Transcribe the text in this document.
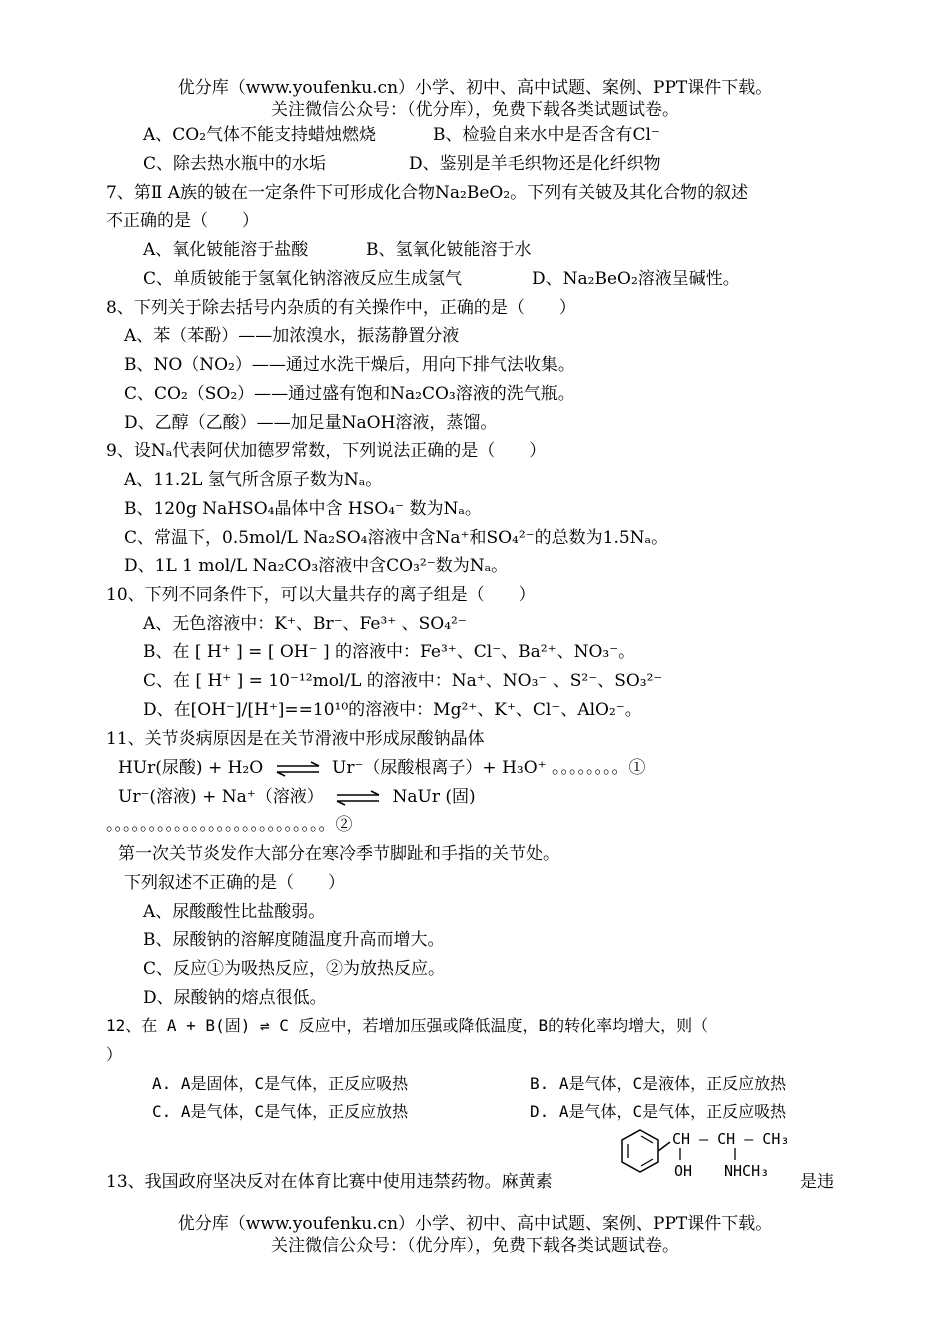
优分库（www.youfenku.cn）小学、初中、高中试题、案例、PPT课件下载。
关注微信公众号：（优分库），免费下载各类试题试卷。
A、CO₂气体不能支持蜡烛燃烧	B、检验自来水中是否含有Cl⁻
C、除去热水瓶中的水垢	D、鉴别是羊毛织物还是化纤织物
7、第Ⅱ A族的铍在一定条件下可形成化合物Na₂BeO₂。下列有关铍及其化合物的叙述
不正确的是（　　）
A、氧化铍能溶于盐酸	B、氢氧化铍能溶于水
C、单质铍能于氢氧化钠溶液反应生成氢气	D、Na₂BeO₂溶液呈碱性。
8、下列关于除去括号内杂质的有关操作中，正确的是（　　）
A、苯（苯酚）——加浓溴水，振荡静置分液
B、NO（NO₂）——通过水洗干燥后，用向下排气法收集。
C、CO₂（SO₂）——通过盛有饱和Na₂CO₃溶液的洗气瓶。
D、乙醇（乙酸）——加足量NaOH溶液，蒸馏。
9、设Nₐ代表阿伏加德罗常数，下列说法正确的是（　　）
A、11.2L 氢气所含原子数为Nₐ。
B、120g NaHSO₄晶体中含 HSO₄⁻ 数为Nₐ。
C、常温下，0.5mol/L Na₂SO₄溶液中含Na⁺和SO₄²⁻的总数为1.5Nₐ。
D、1L 1 mol/L Na₂CO₃溶液中含CO₃²⁻数为Nₐ。
10、下列不同条件下，可以大量共存的离子组是（　　）
A、无色溶液中：K⁺、Br⁻、Fe³⁺ 、SO₄²⁻
B、在 [ H⁺ ] = [ OH⁻ ] 的溶液中：Fe³⁺、Cl⁻、Ba²⁺、NO₃⁻。
C、在 [ H⁺ ] = 10⁻¹²mol/L 的溶液中：Na⁺、NO₃⁻ 、S²⁻、SO₃²⁻
D、在[OH⁻]/[H⁺]==10¹⁰的溶液中：Mg²⁺、K⁺、Cl⁻、AlO₂⁻。
11、关节炎病原因是在关节滑液中形成尿酸钠晶体
HUr(尿酸) + H₂O ⇌ Ur⁻（尿酸根离子）+ H₃O⁺ 。。。。。。。。①
Ur⁻(溶液) + Na⁺（溶液） ⇌ NaUr (固)
。。。。。。。。。。。。。。。。。。。。。。。。。。②
第一次关节炎发作大部分在寒冷季节脚趾和手指的关节处。
下列叙述不正确的是（　　）
A、尿酸酸性比盐酸弱。
B、尿酸钠的溶解度随温度升高而增大。
C、反应①为吸热反应，②为放热反应。
D、尿酸钠的熔点很低。
12、在 A + B(固) ⇌ C 反应中，若增加压强或降低温度，B的转化率均增大，则（
）
A. A是固体，C是气体，正反应吸热	B. A是气体，C是液体，正反应放热
C. A是气体，C是气体，正反应放热	D. A是气体，C是气体，正反应吸热
13、我国政府坚决反对在体育比赛中使用违禁药物。麻黄素
CH — CH — CH₃
OH NHCH₃
是违
优分库（www.youfenku.cn）小学、初中、高中试题、案例、PPT课件下载。
关注微信公众号：（优分库），免费下载各类试题试卷。
